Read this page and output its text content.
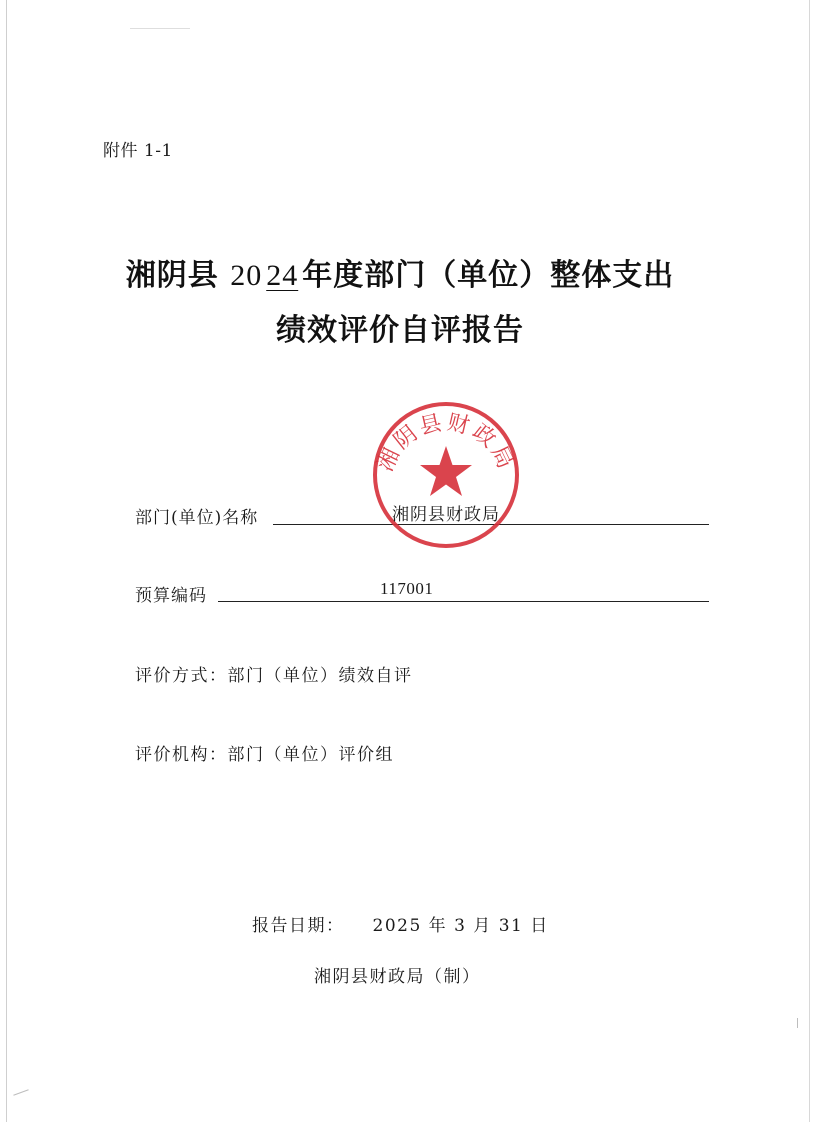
附件 1-1
湘阴县 20 24 年度部门（单位）整体支出
绩效评价自评报告
部门(单位)名称
预算编码	117001
评价方式：部门（单位）绩效自评
评价机构：部门（单位）评价组
湘阴县财政局
湘阴县财政局
报告日期： 2025 年 3 月 31 日
湘阴县财政局（制）
